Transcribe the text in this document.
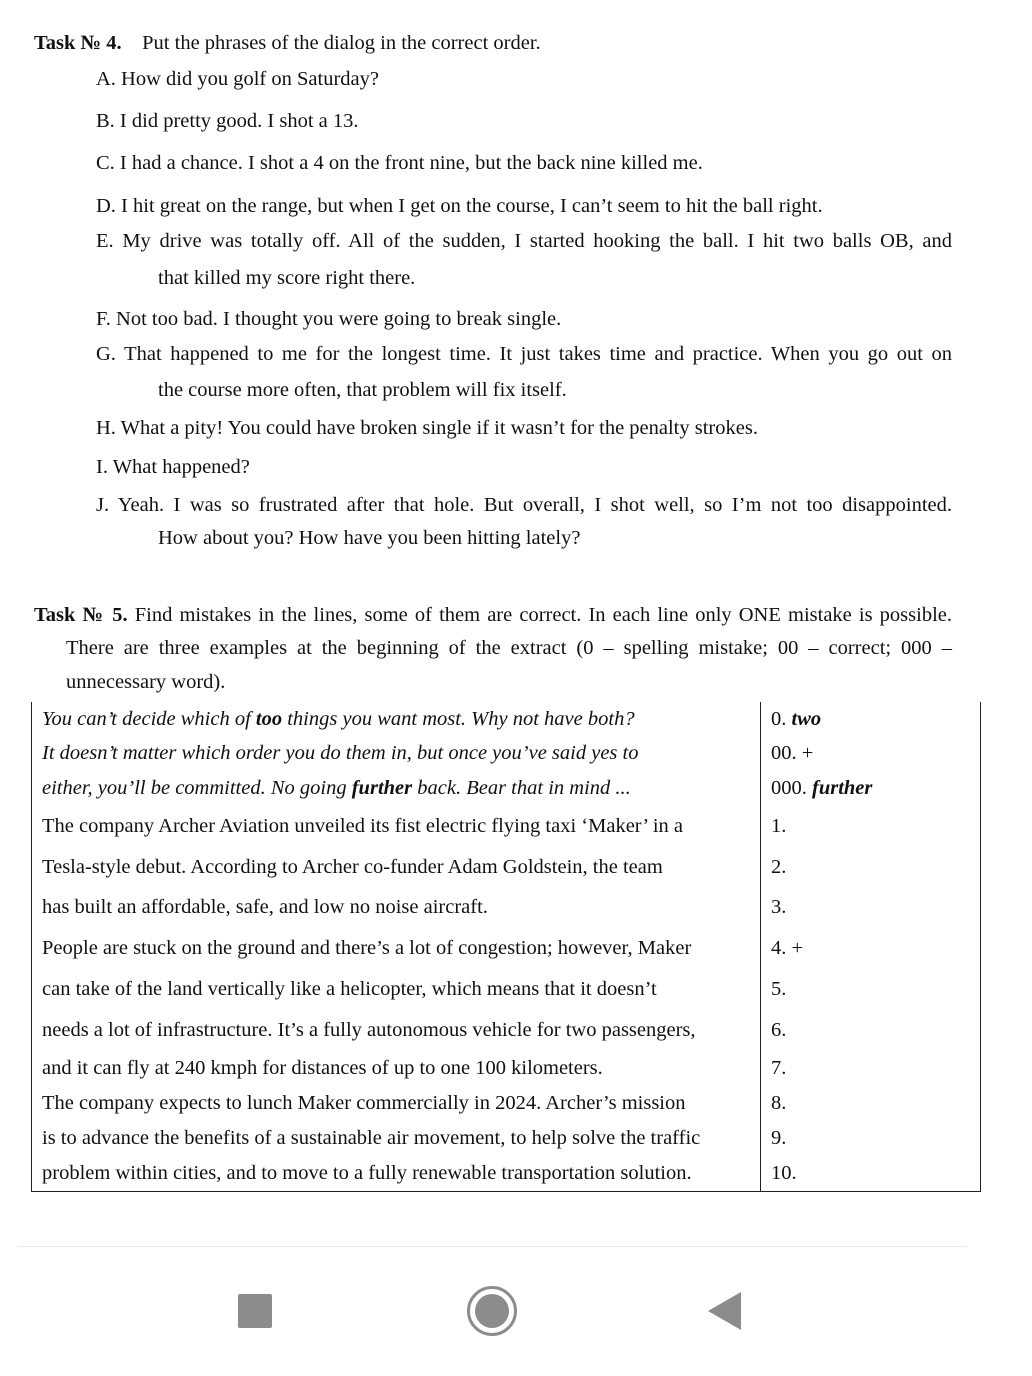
Task № 4. Put the phrases of the dialog in the correct order.
A. How did you golf on Saturday?
B. I did pretty good. I shot a 13.
C. I had a chance. I shot a 4 on the front nine, but the back nine killed me.
D. I hit great on the range, but when I get on the course, I can’t seem to hit the ball right.
E. My drive was totally off. All of the sudden, I started hooking the ball. I hit two balls OB, and
that killed my score right there.
F. Not too bad. I thought you were going to break single.
G. That happened to me for the longest time. It just takes time and practice. When you go out on
the course more often, that problem will fix itself.
H. What a pity! You could have broken single if it wasn’t for the penalty strokes.
I. What happened?
J. Yeah. I was so frustrated after that hole. But overall, I shot well, so I’m not too disappointed.
How about you? How have you been hitting lately?
Task № 5. Find mistakes in the lines, some of them are correct. In each line only ONE mistake is possible.
There are three examples at the beginning of the extract (0 – spelling mistake; 00 – correct; 000 –
unnecessary word).
You can’t decide which of too things you want most. Why not have both?	0. two
It doesn’t matter which order you do them in, but once you’ve said yes to	00. +
either, you’ll be committed. No going further back. Bear that in mind ...	000. further
The company Archer Aviation unveiled its fist electric flying taxi ‘Maker’ in a	1.
Tesla-style debut. According to Archer co-funder Adam Goldstein, the team	2.
has built an affordable, safe, and low no noise aircraft.	3.
People are stuck on the ground and there’s a lot of congestion; however, Maker	4. +
can take of the land vertically like a helicopter, which means that it doesn’t	5.
needs a lot of infrastructure. It’s a fully autonomous vehicle for two passengers,	6.
and it can fly at 240 kmph for distances of up to one 100 kilometers.	7.
The company expects to lunch Maker commercially in 2024. Archer’s mission	8.
is to advance the benefits of a sustainable air movement, to help solve the traffic	9.
problem within cities, and to move to a fully renewable transportation solution.	10.
